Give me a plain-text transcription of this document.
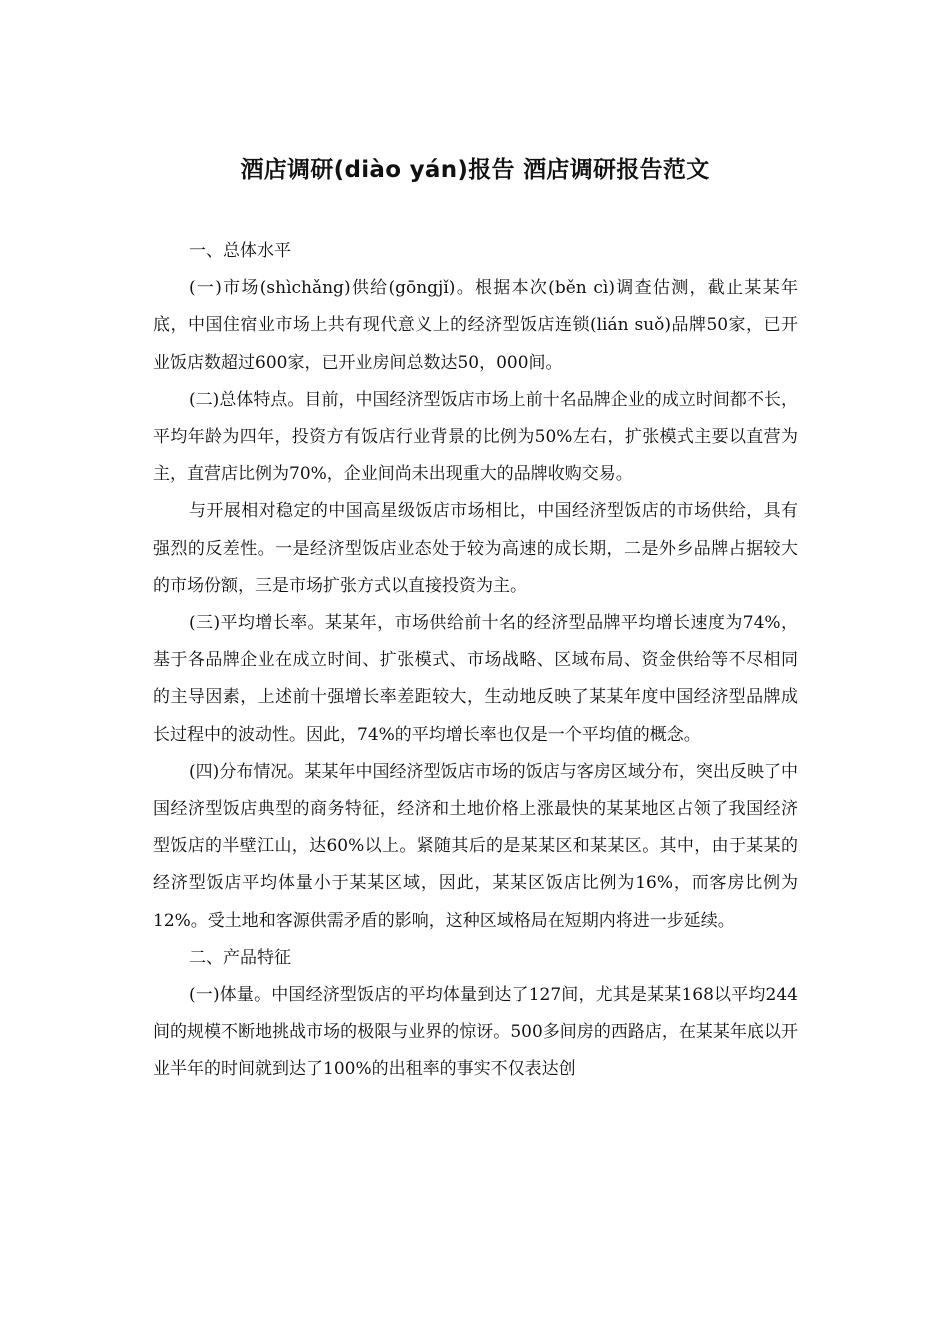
酒店调研(diào yán)报告 酒店调研报告范文

一、总体水平

(一)市场(shìchǎng)供给(gōngjǐ)。根据本次(běn cì)调查估测，截止某某年底，中国住宿业市场上共有现代意义上的经济型饭店连锁(lián suǒ)品牌50家，已开业饭店数超过600家，已开业房间总数达50，000间。

(二)总体特点。目前，中国经济型饭店市场上前十名品牌企业的成立时间都不长，平均年龄为四年，投资方有饭店行业背景的比例为50%左右，扩张模式主要以直营为主，直营店比例为70%，企业间尚未出现重大的品牌收购交易。

与开展相对稳定的中国高星级饭店市场相比，中国经济型饭店的市场供给，具有强烈的反差性。一是经济型饭店业态处于较为高速的成长期，二是外乡品牌占据较大的市场份额，三是市场扩张方式以直接投资为主。

(三)平均增长率。某某年，市场供给前十名的经济型品牌平均增长速度为74%，基于各品牌企业在成立时间、扩张模式、市场战略、区域布局、资金供给等不尽相同的主导因素，上述前十强增长率差距较大，生动地反映了某某年度中国经济型品牌成长过程中的波动性。因此，74%的平均增长率也仅是一个平均值的概念。

(四)分布情况。某某年中国经济型饭店市场的饭店与客房区域分布，突出反映了中国经济型饭店典型的商务特征，经济和土地价格上涨最快的某某地区占领了我国经济型饭店的半壁江山，达60%以上。紧随其后的是某某区和某某区。其中，由于某某的经济型饭店平均体量小于某某区域，因此，某某区饭店比例为16%，而客房比例为12%。受土地和客源供需矛盾的影响，这种区域格局在短期内将进一步延续。

二、产品特征

(一)体量。中国经济型饭店的平均体量到达了127间，尤其是某某168以平均244间的规模不断地挑战市场的极限与业界的惊讶。500多间房的西路店，在某某年底以开业半年的时间就到达了100%的出租率的事实不仅表达创
